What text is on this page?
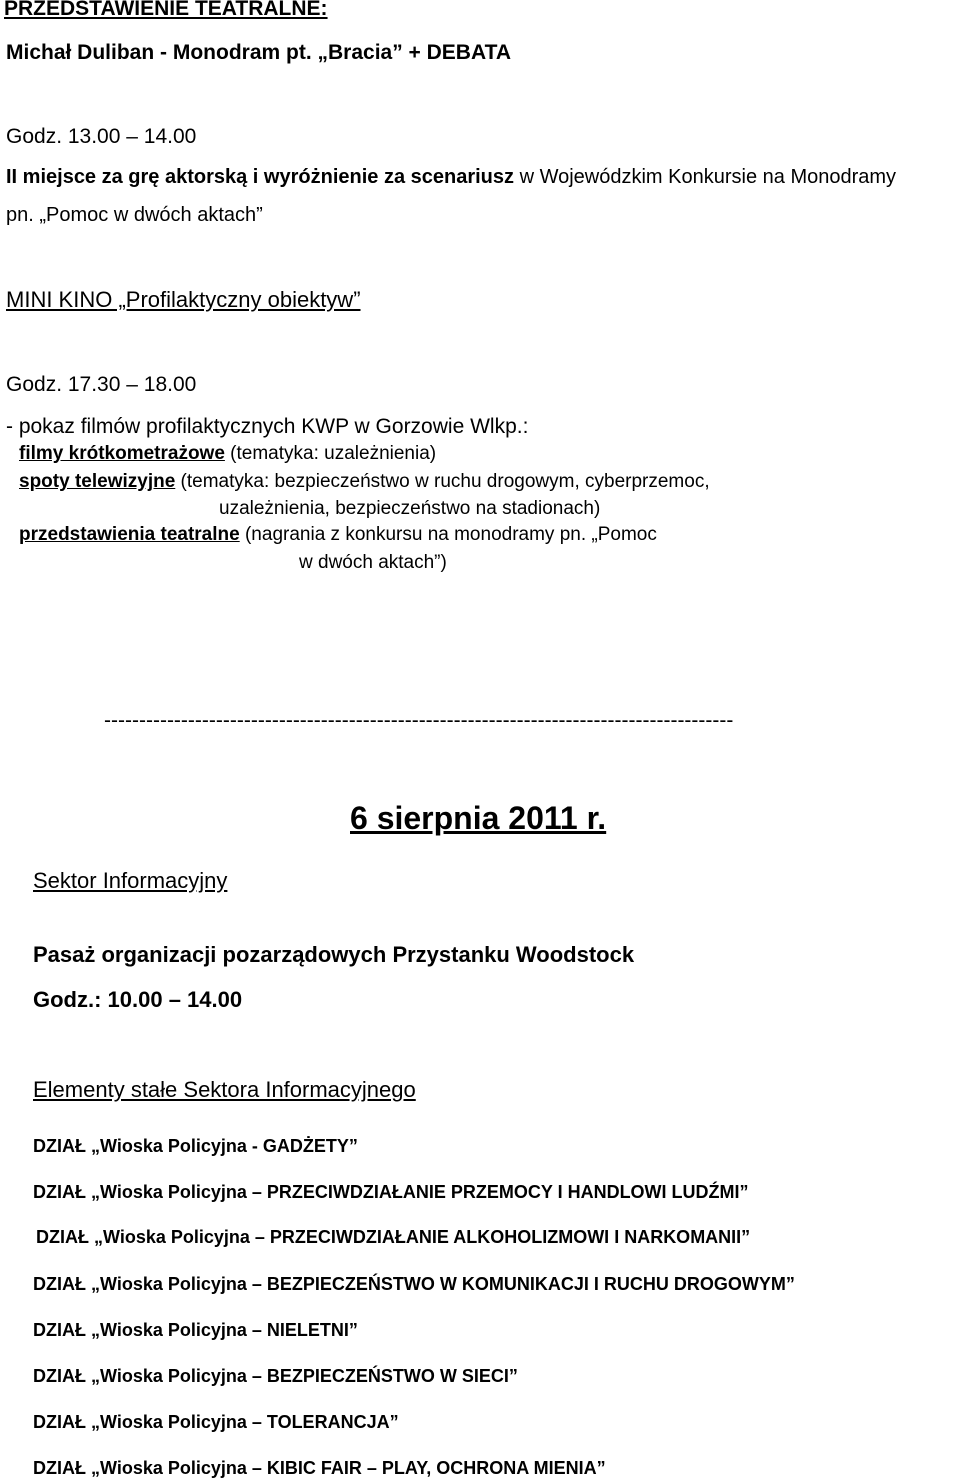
PRZEDSTAWIENIE TEATRALNE:
Michał Duliban - Monodram pt. „Bracia” + DEBATA
Godz. 13.00 – 14.00
II miejsce za grę aktorską i wyróżnienie za scenariusz w Wojewódzkim Konkursie na Monodramy
pn. „Pomoc w dwóch aktach”
MINI KINO „Profilaktyczny obiektyw”
Godz. 17.30 – 18.00
- pokaz filmów profilaktycznych KWP w Gorzowie Wlkp.:
filmy krótkometrażowe (tematyka: uzależnienia)
spoty telewizyjne (tematyka: bezpieczeństwo w ruchu drogowym, cyberprzemoc,
uzależnienia, bezpieczeństwo na stadionach)
przedstawienia teatralne (nagrania z konkursu na monodramy pn. „Pomoc
w dwóch aktach”)
------------------------------------------------------------------------------------------
6 sierpnia 2011 r.
Sektor Informacyjny
Pasaż organizacji pozarządowych Przystanku Woodstock
Godz.: 10.00 – 14.00
Elementy stałe Sektora Informacyjnego
DZIAŁ „Wioska Policyjna - GADŻETY”
DZIAŁ „Wioska Policyjna – PRZECIWDZIAŁANIE PRZEMOCY I HANDLOWI LUDŹMI”
DZIAŁ „Wioska Policyjna – PRZECIWDZIAŁANIE ALKOHOLIZMOWI I NARKOMANII”
DZIAŁ „Wioska Policyjna – BEZPIECZEŃSTWO W KOMUNIKACJI I RUCHU DROGOWYM”
DZIAŁ „Wioska Policyjna – NIELETNI”
DZIAŁ „Wioska Policyjna – BEZPIECZEŃSTWO W SIECI”
DZIAŁ „Wioska Policyjna – TOLERANCJA”
DZIAŁ „Wioska Policyjna – KIBIC FAIR – PLAY, OCHRONA MIENIA”
